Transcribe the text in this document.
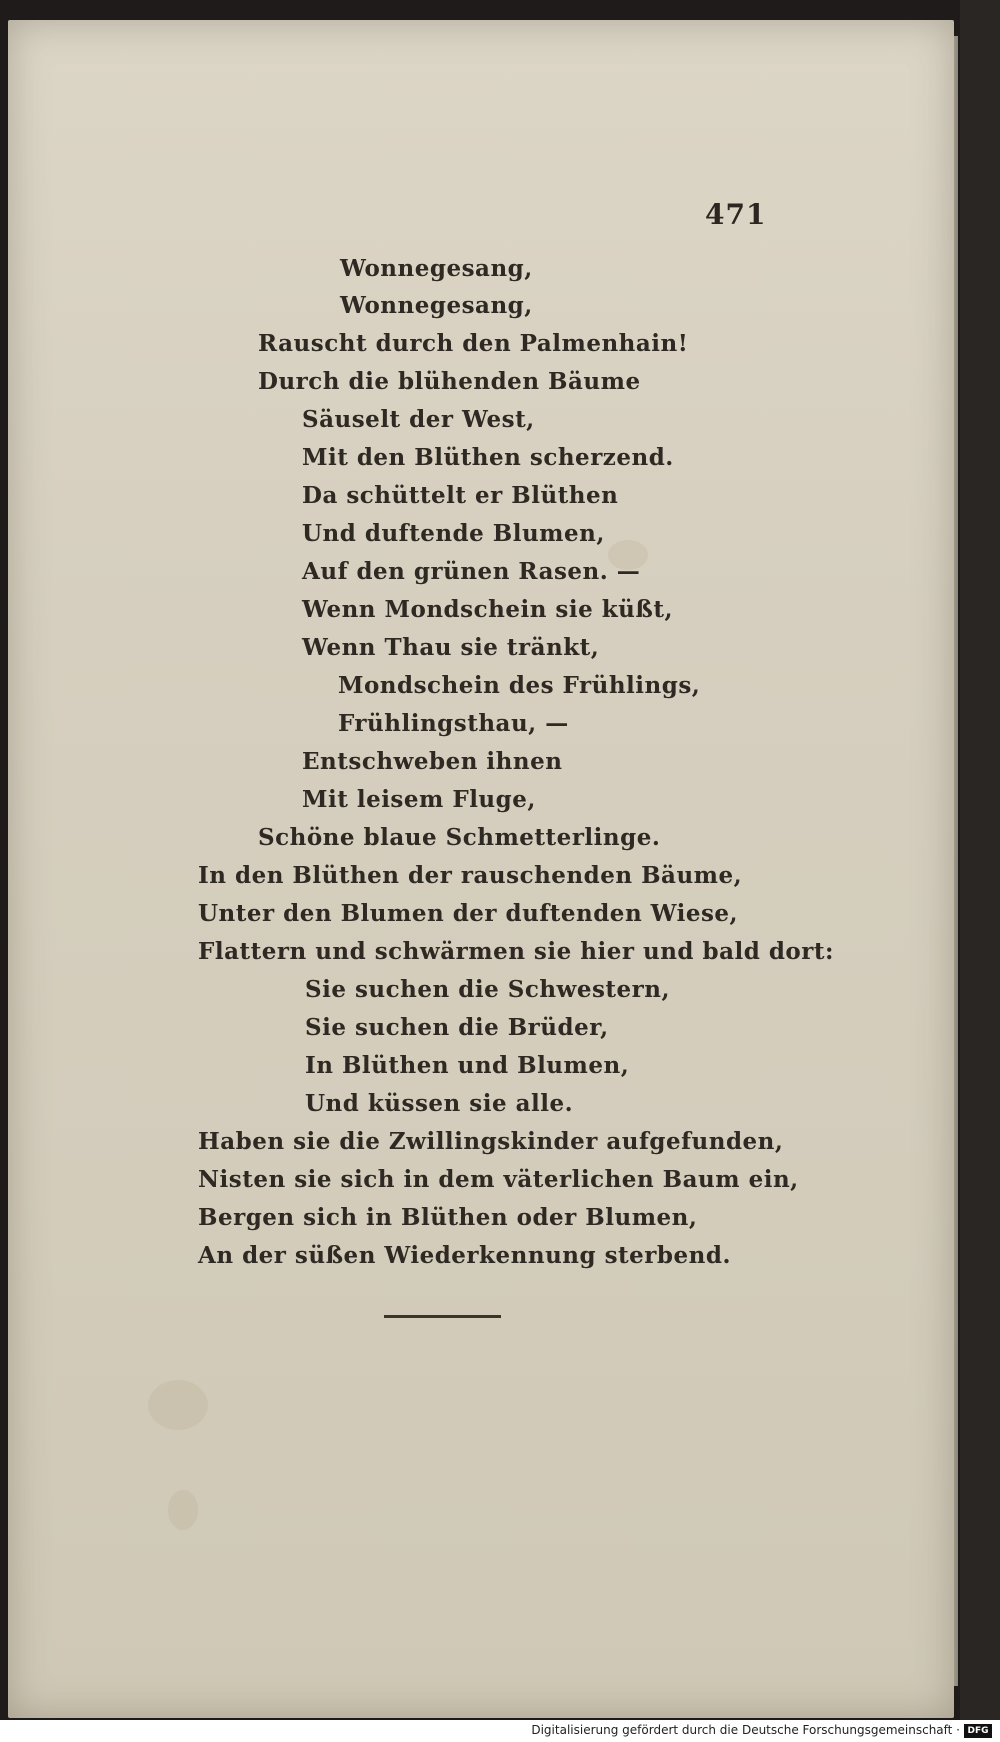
471
Wonnegesang,
Wonnegesang,
Rauscht durch den Palmenhain!
Durch die blühenden Bäume
Säuselt der West,
Mit den Blüthen scherzend.
Da schüttelt er Blüthen
Und duftende Blumen,
Auf den grünen Rasen. —
Wenn Mondschein sie küßt,
Wenn Thau sie tränkt,
Mondschein des Frühlings,
Frühlingsthau, —
Entschweben ihnen
Mit leisem Fluge,
Schöne blaue Schmetterlinge.
In den Blüthen der rauschenden Bäume,
Unter den Blumen der duftenden Wiese,
Flattern und schwärmen sie hier und bald dort:
Sie suchen die Schwestern,
Sie suchen die Brüder,
In Blüthen und Blumen,
Und küssen sie alle.
Haben sie die Zwillingskinder aufgefunden,
Nisten sie sich in dem väterlichen Baum ein,
Bergen sich in Blüthen oder Blumen,
An der süßen Wiederkennung sterbend.
Digitalisierung gefördert durch die Deutsche Forschungsgemeinschaft · DFG
